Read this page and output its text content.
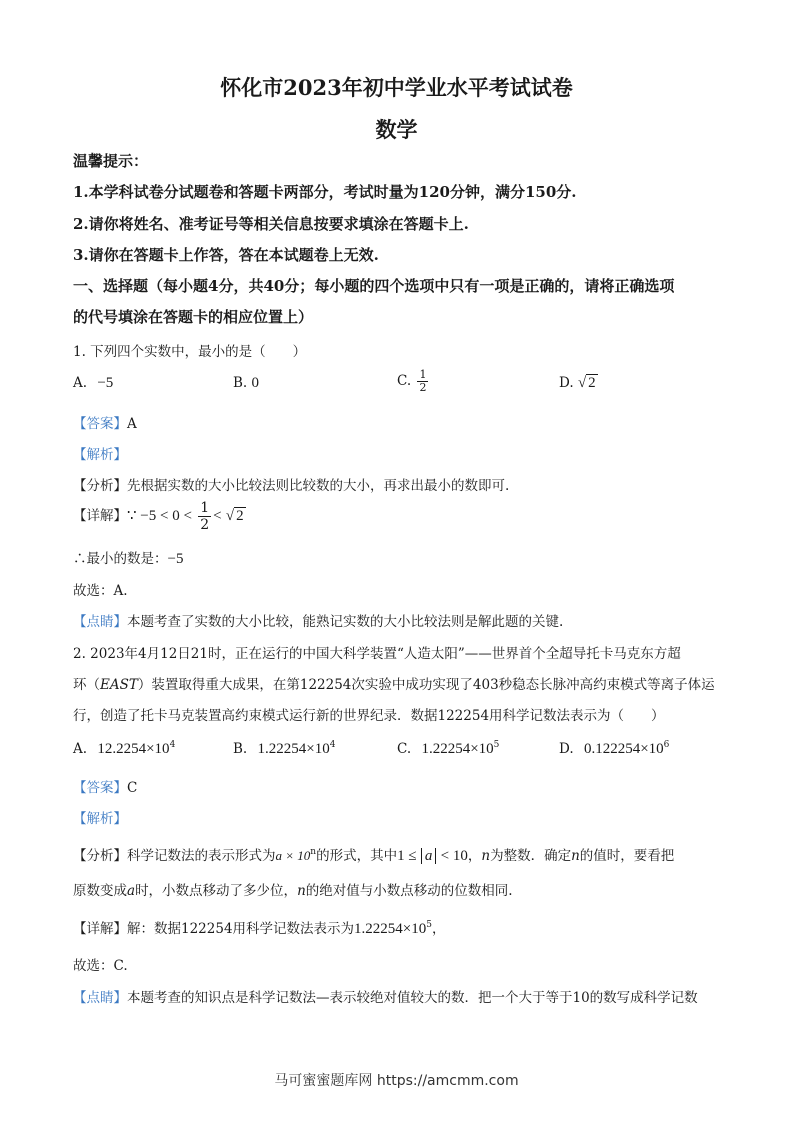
怀化市2023年初中学业水平考试试卷
数学
温馨提示：
1.本学科试卷分试题卷和答题卡两部分，考试时量为120分钟，满分150分.
2.请你将姓名、准考证号等相关信息按要求填涂在答题卡上.
3.请你在答题卡上作答，答在本试题卷上无效.
一、选择题（每小题4分，共40分；每小题的四个选项中只有一项是正确的，请将正确选项
的代号填涂在答题卡的相应位置上）
1. 下列四个实数中，最小的是（　　）
A. −5	B. 0	C. $\frac{1}{2}$	D. √ 2
【答案】A
【解析】
【分析】先根据实数的大小比较法则比较数的大小，再求出最小的数即可.
【详解】∵ $-5 < 0 < \frac{1}{2}$ < √ 2
∴最小的数是：−5
故选：A.
【点睛】本题考查了实数的大小比较，能熟记实数的大小比较法则是解此题的关键.
2. 2023年4月12日21时，正在运行的中国大科学装置“人造太阳”——世界首个全超导托卡马克东方超
环（EAST）装置取得重大成果，在第122254次实验中成功实现了403秒稳态长脉冲高约束模式等离子体运
行，创造了托卡马克装置高约束模式运行新的世界纪录．数据122254用科学记数法表示为（　　）
A. $12.2254\times 10^4$	B. $1.22254\times 10^4$	C. $1.22254\times 10^5$	D. $0.122254\times 10^6$
【答案】C
【解析】
【分析】科学记数法的表示形式为$a \times 10^n$的形式，其中1 ≤ a < 10，n为整数．确定n的值时，要看把
原数变成a时，小数点移动了多少位，n的绝对值与小数点移动的位数相同.
【详解】解：数据122254用科学记数法表示为$1.22254\times 10^5$，
故选：C.
【点睛】本题考查的知识点是科学记数法—表示较绝对值较大的数．把一个大于等于10的数写成科学记数
马可蜜蜜题库网 https://amcmm.com
